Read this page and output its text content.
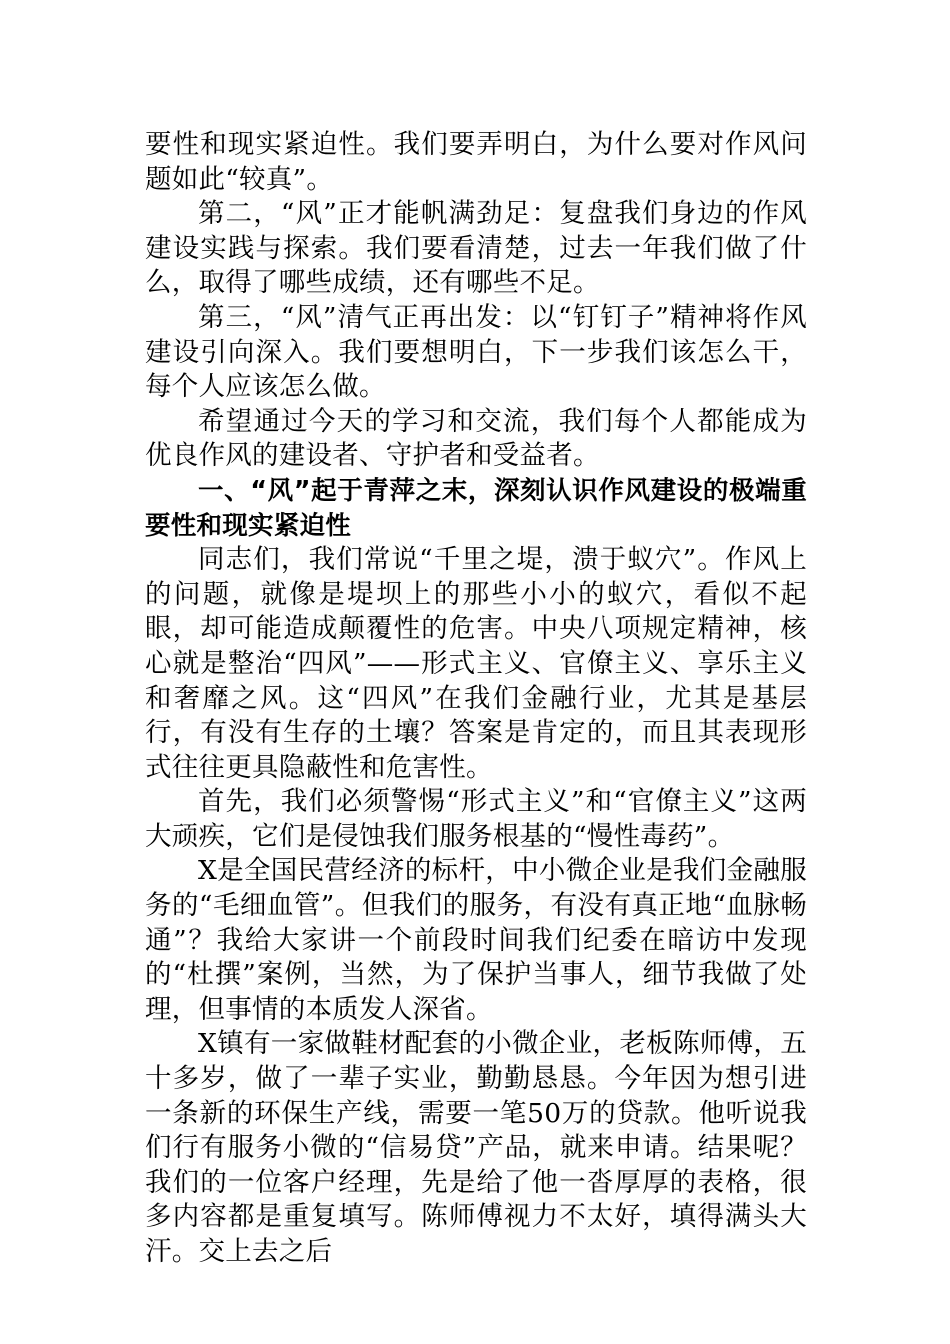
要性和现实紧迫性。我们要弄明白，为什么要对作风问题如此“较真”。

第二，“风”正才能帆满劲足：复盘我们身边的作风建设实践与探索。我们要看清楚，过去一年我们做了什么，取得了哪些成绩，还有哪些不足。

第三，“风”清气正再出发：以“钉钉子”精神将作风建设引向深入。我们要想明白，下一步我们该怎么干，每个人应该怎么做。

希望通过今天的学习和交流，我们每个人都能成为优良作风的建设者、守护者和受益者。

一、“风”起于青萍之末，深刻认识作风建设的极端重要性和现实紧迫性

同志们，我们常说“千里之堤，溃于蚁穴”。作风上的问题，就像是堤坝上的那些小小的蚁穴，看似不起眼，却可能造成颠覆性的危害。中央八项规定精神，核心就是整治“四风”——形式主义、官僚主义、享乐主义和奢靡之风。这“四风”在我们金融行业，尤其是基层行，有没有生存的土壤？答案是肯定的，而且其表现形式往往更具隐蔽性和危害性。

首先，我们必须警惕“形式主义”和“官僚主义”这两大顽疾，它们是侵蚀我们服务根基的“慢性毒药”。

X是全国民营经济的标杆，中小微企业是我们金融服务的“毛细血管”。但我们的服务，有没有真正地“血脉畅通”？我给大家讲一个前段时间我们纪委在暗访中发现的“杜撰”案例，当然，为了保护当事人，细节我做了处理，但事情的本质发人深省。

X镇有一家做鞋材配套的小微企业，老板陈师傅，五十多岁，做了一辈子实业，勤勤恳恳。今年因为想引进一条新的环保生产线，需要一笔50万的贷款。他听说我们行有服务小微的“信易贷”产品，就来申请。结果呢？我们的一位客户经理，先是给了他一沓厚厚的表格，很多内容都是重复填写。陈师傅视力不太好，填得满头大汗。交上去之后
